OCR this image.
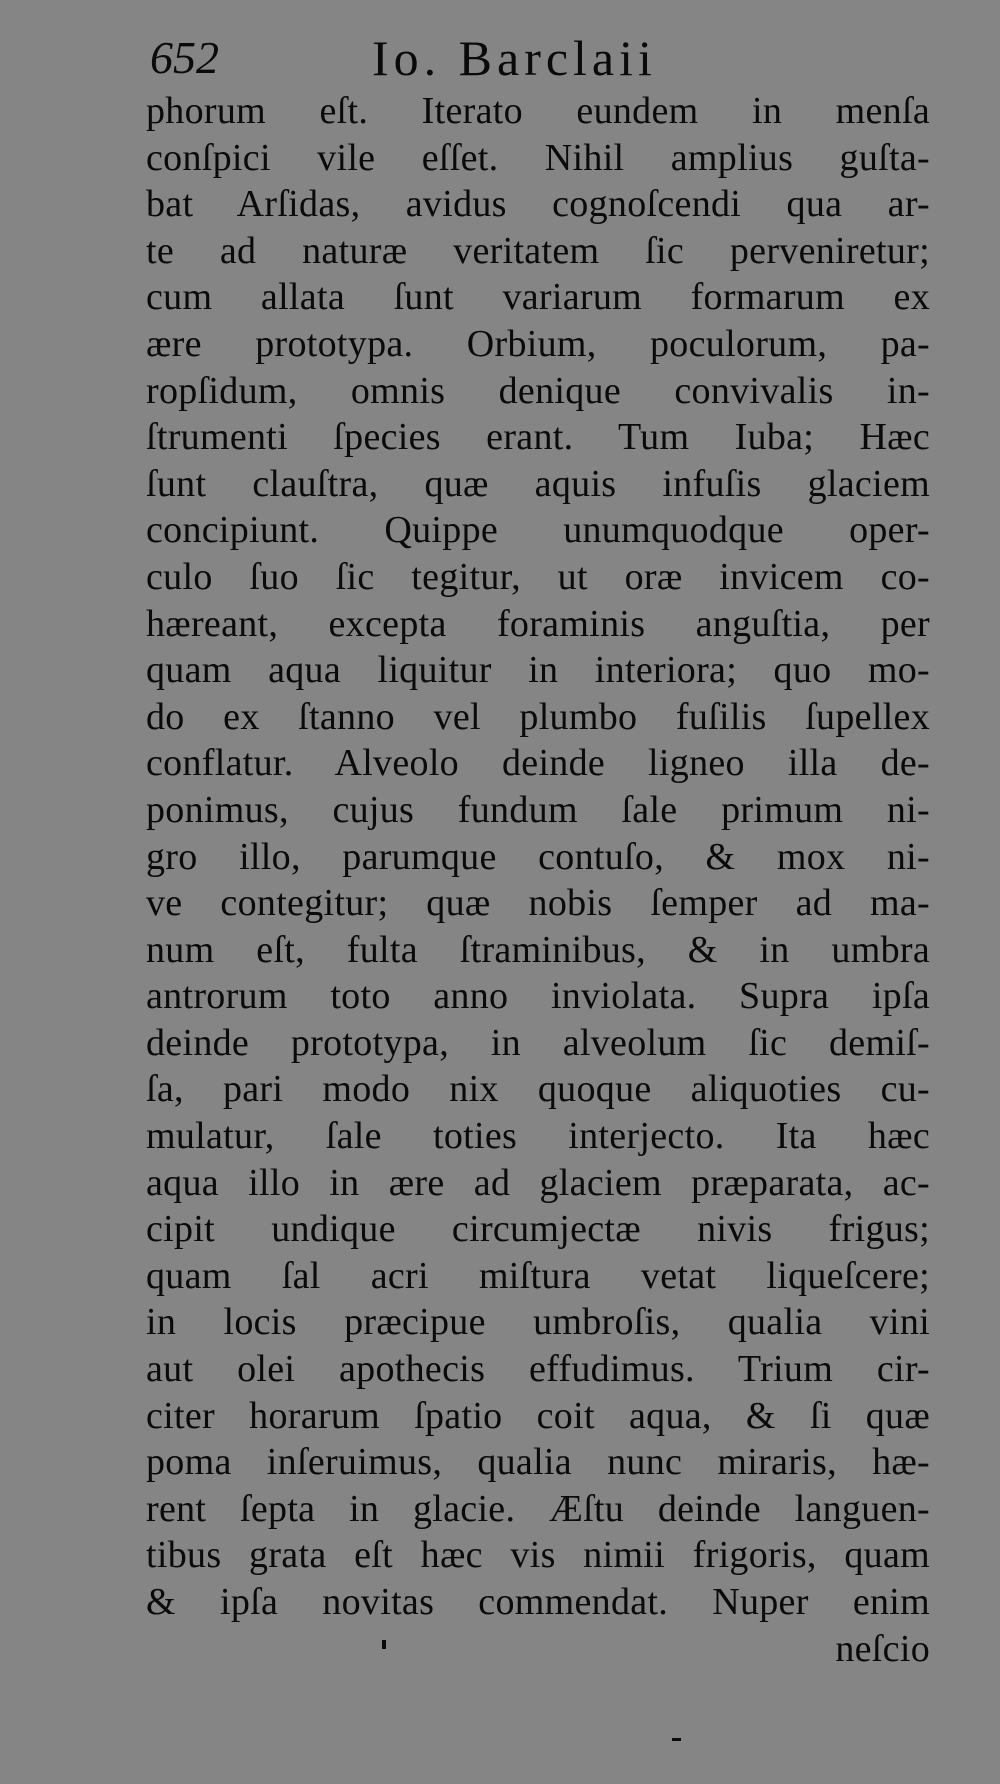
652	Io. Barclaii
phorum eſt. Iterato eundem in menſa
conſpici vile eſſet. Nihil amplius guſta-
bat Arſidas, avidus cognoſcendi qua ar-
te ad naturæ veritatem ſic perveniretur;
cum allata ſunt variarum formarum ex
ære prototypa. Orbium, poculorum, pa-
ropſidum, omnis denique convivalis in-
ſtrumenti ſpecies erant. Tum Iuba; Hæc
ſunt clauſtra, quæ aquis infuſis glaciem
concipiunt. Quippe unumquodque oper-
culo ſuo ſic tegitur, ut oræ invicem co-
hæreant, excepta foraminis anguſtia, per
quam aqua liquitur in interiora; quo mo-
do ex ſtanno vel plumbo fuſilis ſupellex
conflatur. Alveolo deinde ligneo illa de-
ponimus, cujus fundum ſale primum ni-
gro illo, parumque contuſo, & mox ni-
ve contegitur; quæ nobis ſemper ad ma-
num eſt, fulta ſtraminibus, & in umbra
antrorum toto anno inviolata. Supra ipſa
deinde prototypa, in alveolum ſic demiſ-
ſa, pari modo nix quoque aliquoties cu-
mulatur, ſale toties interjecto. Ita hæc
aqua illo in ære ad glaciem præparata, ac-
cipit undique circumjectæ nivis frigus;
quam ſal acri miſtura vetat liqueſcere;
in locis præcipue umbroſis, qualia vini
aut olei apothecis effudimus. Trium cir-
citer horarum ſpatio coit aqua, & ſi quæ
poma inſeruimus, qualia nunc miraris, hæ-
rent ſepta in glacie. Æſtu deinde languen-
tibus grata eſt hæc vis nimii frigoris, quam
& ipſa novitas commendat. Nuper enim
neſcio
